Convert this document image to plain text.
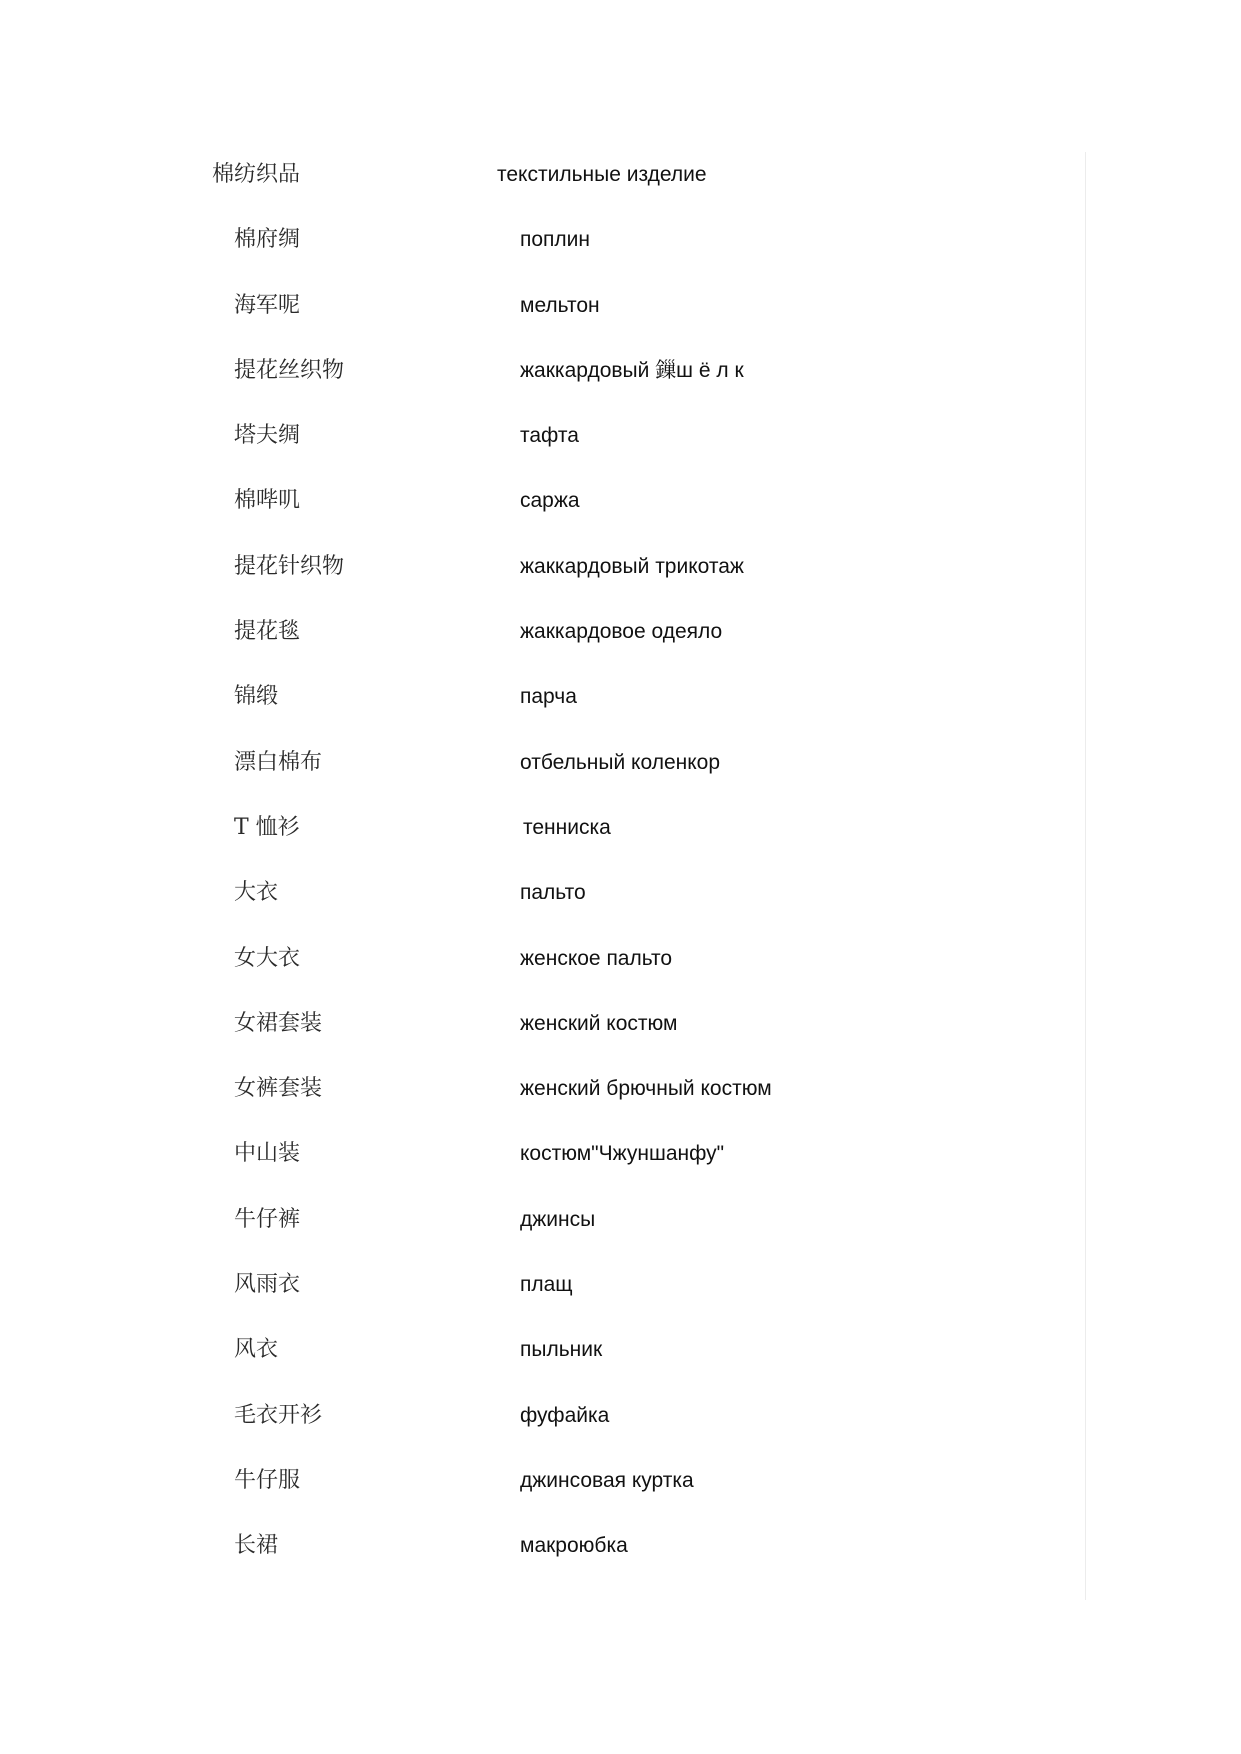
棉纺织品	текстильные изделие
棉府绸	поплин
海军呢	мельтон
提花丝织物	жаккардовый 鏁ш ё л к
塔夫绸	тафта
棉哔叽	саржа
提花针织物	жаккардовый трикотаж
提花毯	жаккардовое одеяло
锦缎	парча
漂白棉布	отбельный коленкор
T 恤衫	тенниска
大衣	пальто
女大衣	женское пальто
女裙套装	женский костюм
女裤套装	женский брючный костюм
中山装	костюм"Чжуншанфу"
牛仔裤	джинсы
风雨衣	плащ
风衣	пыльник
毛衣开衫	фуфайка
牛仔服	джинсовая куртка
长裙	макроюбка
